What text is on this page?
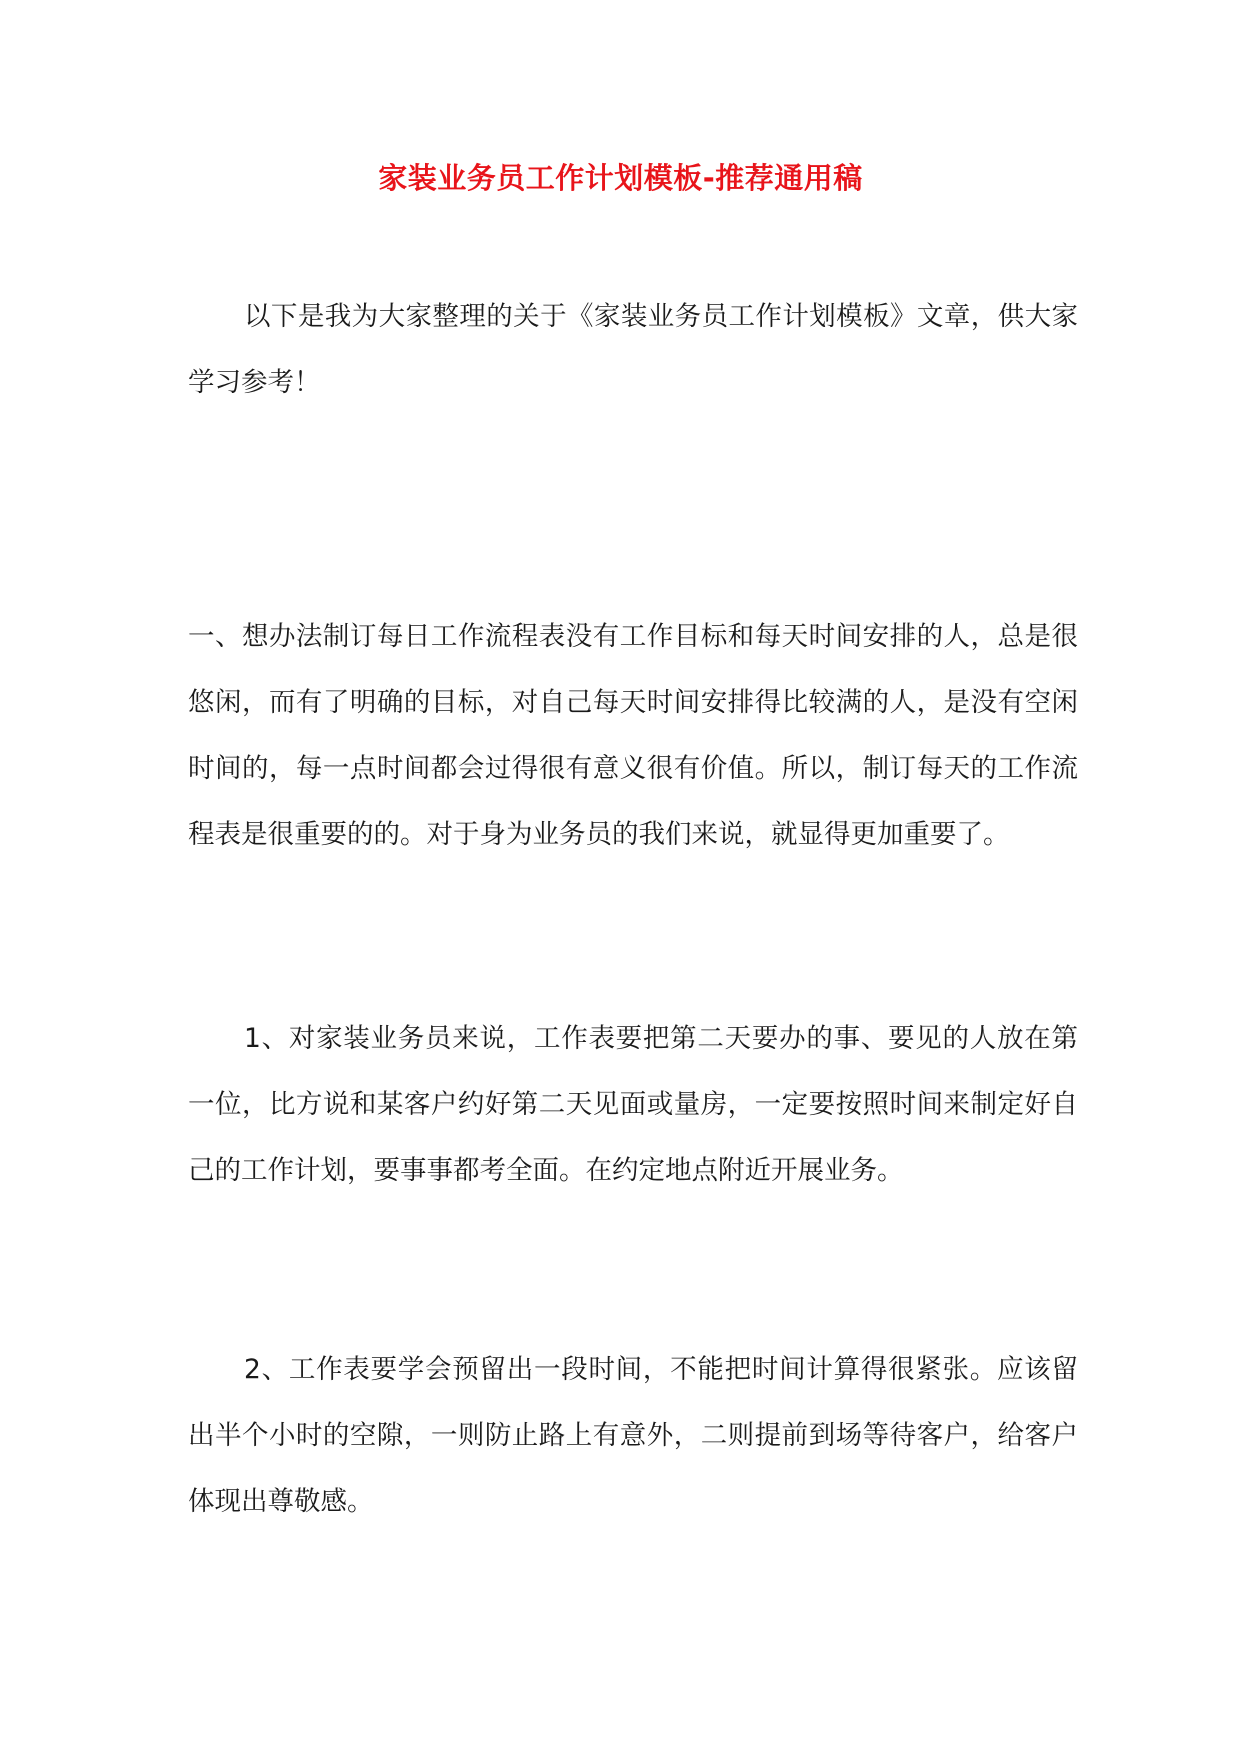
家装业务员工作计划模板-推荐通用稿

以下是我为大家整理的关于《家装业务员工作计划模板》文章，供大家学习参考！

一、想办法制订每日工作流程表没有工作目标和每天时间安排的人，总是很悠闲，而有了明确的目标，对自己每天时间安排得比较满的人，是没有空闲时间的，每一点时间都会过得很有意义很有价值。所以，制订每天的工作流程表是很重要的的。对于身为业务员的我们来说，就显得更加重要了。

1、对家装业务员来说，工作表要把第二天要办的事、要见的人放在第一位，比方说和某客户约好第二天见面或量房，一定要按照时间来制定好自己的工作计划，要事事都考全面。在约定地点附近开展业务。

2、工作表要学会预留出一段时间，不能把时间计算得很紧张。应该留出半个小时的空隙，一则防止路上有意外，二则提前到场等待客户，给客户体现出尊敬感。
